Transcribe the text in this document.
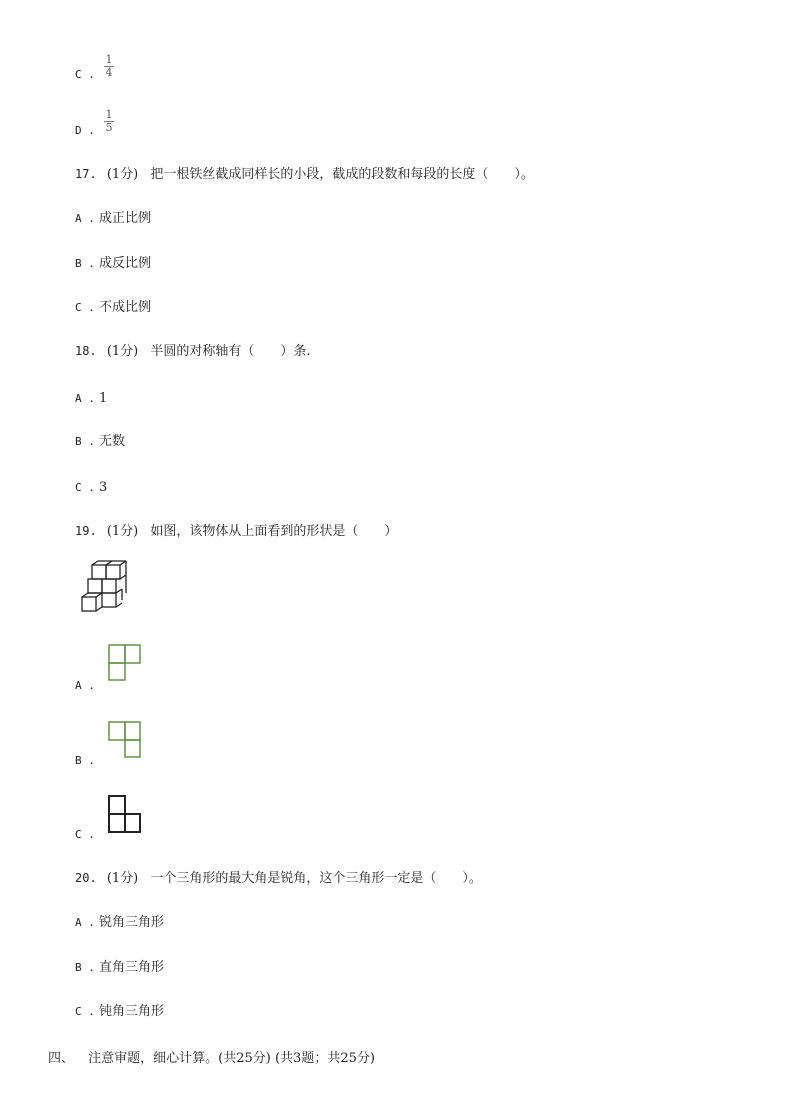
C .
1
4
D .
1
5
17. (1分) 把一根铁丝截成同样长的小段，截成的段数和每段的长度（　　）。
A . 成正比例
B . 成反比例
C . 不成比例
18. (1分) 半圆的对称轴有（　　）条.
A . 1
B . 无数
C . 3
19. (1分) 如图，该物体从上面看到的形状是（　　）
A .
B .
C .
20. (1分) 一个三角形的最大角是锐角，这个三角形一定是（　　）。
A . 锐角三角形
B . 直角三角形
C . 钝角三角形
四、 注意审题，细心计算。(共25分) (共3题；共25分)
